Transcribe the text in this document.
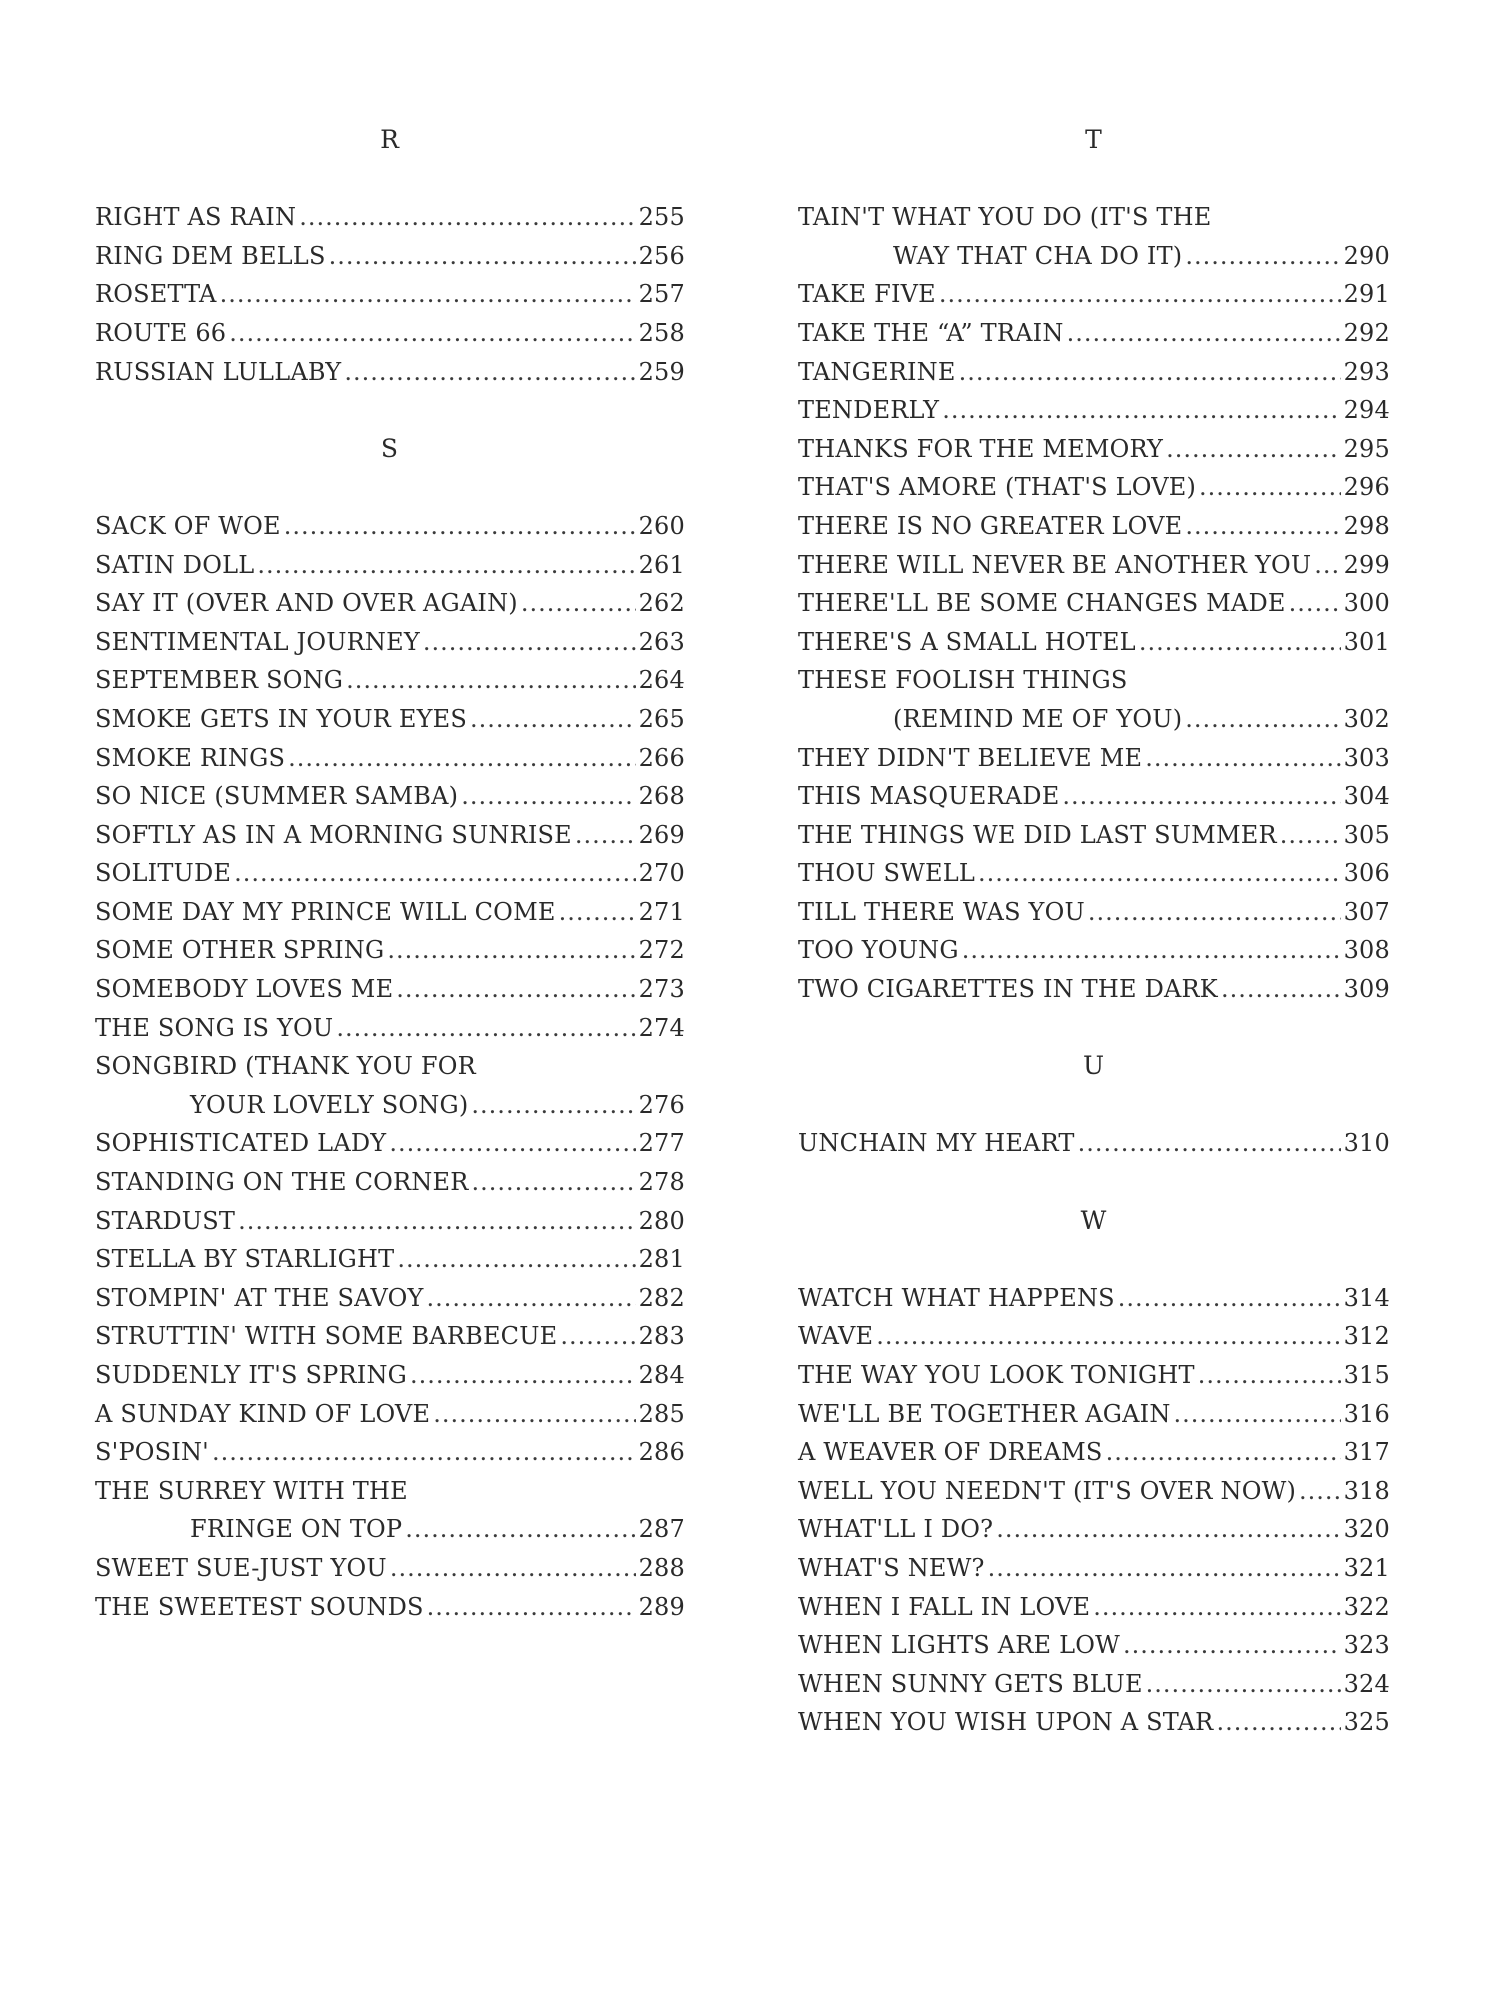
R
RIGHT AS RAIN .....	255
RING DEM BELLS .....	256
ROSETTA .....	257
ROUTE 66 .....	258
RUSSIAN LULLABY .....	259
S
SACK OF WOE .....	260
SATIN DOLL .....	261
SAY IT (OVER AND OVER AGAIN) .....	262
SENTIMENTAL JOURNEY .....	263
SEPTEMBER SONG .....	264
SMOKE GETS IN YOUR EYES .....	265
SMOKE RINGS .....	266
SO NICE (SUMMER SAMBA) .....	268
SOFTLY AS IN A MORNING SUNRISE .....	269
SOLITUDE .....	270
SOME DAY MY PRINCE WILL COME .....	271
SOME OTHER SPRING .....	272
SOMEBODY LOVES ME .....	273
THE SONG IS YOU .....	274
SONGBIRD (THANK YOU FOR
YOUR LOVELY SONG) .....	276
SOPHISTICATED LADY .....	277
STANDING ON THE CORNER .....	278
STARDUST .....	280
STELLA BY STARLIGHT .....	281
STOMPIN' AT THE SAVOY .....	282
STRUTTIN' WITH SOME BARBECUE .....	283
SUDDENLY IT'S SPRING .....	284
A SUNDAY KIND OF LOVE .....	285
S'POSIN' .....	286
THE SURREY WITH THE
FRINGE ON TOP .....	287
SWEET SUE-JUST YOU .....	288
THE SWEETEST SOUNDS .....	289
T
TAIN'T WHAT YOU DO (IT'S THE
WAY THAT CHA DO IT) .....	290
TAKE FIVE .....	291
TAKE THE “A” TRAIN .....	292
TANGERINE .....	293
TENDERLY .....	294
THANKS FOR THE MEMORY .....	295
THAT'S AMORE (THAT'S LOVE) .....	296
THERE IS NO GREATER LOVE .....	298
THERE WILL NEVER BE ANOTHER YOU ..... 299
THERE'LL BE SOME CHANGES MADE ..... 300
THERE'S A SMALL HOTEL .....	301
THESE FOOLISH THINGS
(REMIND ME OF YOU) .....	302
THEY DIDN'T BELIEVE ME .....	303
THIS MASQUERADE .....	304
THE THINGS WE DID LAST SUMMER .....	305
THOU SWELL .....	306
TILL THERE WAS YOU .....	307
TOO YOUNG .....	308
TWO CIGARETTES IN THE DARK .....	309
U
UNCHAIN MY HEART .....	310
W
WATCH WHAT HAPPENS .....	314
WAVE .....	312
THE WAY YOU LOOK TONIGHT .....	315
WE'LL BE TOGETHER AGAIN .....	316
A WEAVER OF DREAMS .....	317
WELL YOU NEEDN'T (IT'S OVER NOW) ..... 318
WHAT'LL I DO? .....	320
WHAT'S NEW? .....	321
WHEN I FALL IN LOVE .....	322
WHEN LIGHTS ARE LOW .....	323
WHEN SUNNY GETS BLUE .....	324
WHEN YOU WISH UPON A STAR .....	325
